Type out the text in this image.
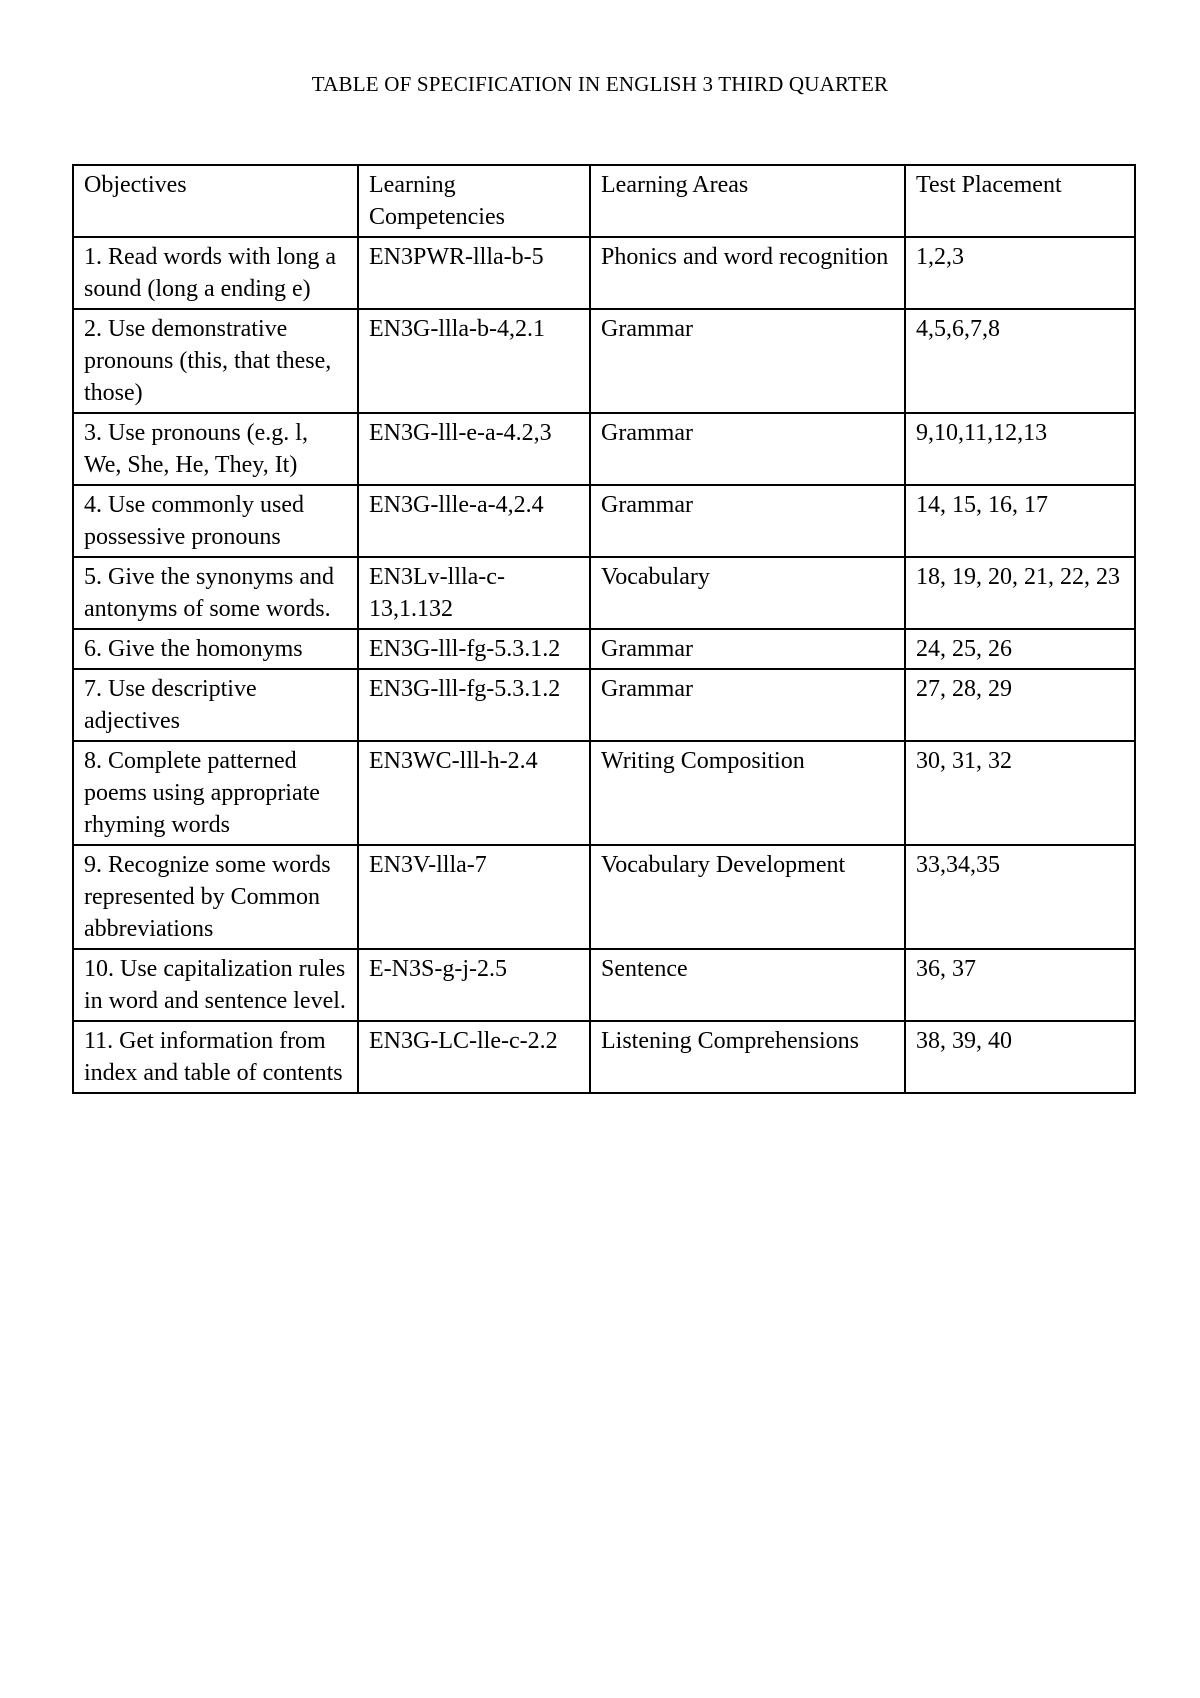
TABLE OF SPECIFICATION IN ENGLISH 3 THIRD QUARTER
Objectives	Learning Competencies	Learning Areas	Test Placement
1. Read words with long a sound (long a ending e)	EN3PWR-llla-b-5	Phonics and word recognition	1,2,3
2. Use demonstrative pronouns (this, that these, those)	EN3G-llla-b-4,2.1	Grammar	4,5,6,7,8
3. Use pronouns (e.g. l, We, She, He, They, It)	EN3G-lll-e-a-4.2,3	Grammar	9,10,11,12,13
4. Use commonly used possessive pronouns	EN3G-llle-a-4,2.4	Grammar	14, 15, 16, 17
5. Give the synonyms and antonyms of some words.	EN3Lv-llla-c-13,1.132	Vocabulary	18, 19, 20, 21, 22, 23
6. Give the homonyms	EN3G-lll-fg-5.3.1.2	Grammar	24, 25, 26
7. Use descriptive adjectives	EN3G-lll-fg-5.3.1.2	Grammar	27, 28, 29
8. Complete patterned poems using appropriate rhyming words	EN3WC-lll-h-2.4	Writing Composition	30, 31, 32
9. Recognize some words represented by Common abbreviations	EN3V-llla-7	Vocabulary Development	33,34,35
10. Use capitalization rules in word and sentence level.	E-N3S-g-j-2.5	Sentence	36, 37
11. Get information from index and table of contents	EN3G-LC-lle-c-2.2	Listening Comprehensions	38, 39, 40
